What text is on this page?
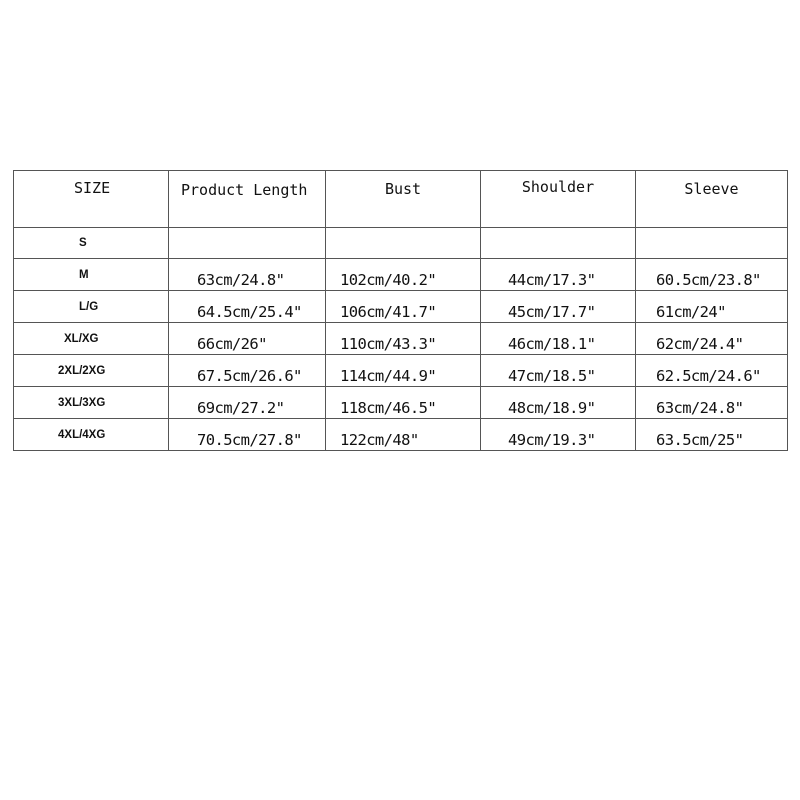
SIZE	Product Length	Bust	Shoulder	Sleeve
S				
M	63cm/24.8"	102cm/40.2"	44cm/17.3"	60.5cm/23.8"
L/G	64.5cm/25.4"	106cm/41.7"	45cm/17.7"	61cm/24"
XL/XG	66cm/26"	110cm/43.3"	46cm/18.1"	62cm/24.4"
2XL/2XG	67.5cm/26.6"	114cm/44.9"	47cm/18.5"	62.5cm/24.6"
3XL/3XG	69cm/27.2"	118cm/46.5"	48cm/18.9"	63cm/24.8"
4XL/4XG	70.5cm/27.8"	122cm/48"	49cm/19.3"	63.5cm/25"
